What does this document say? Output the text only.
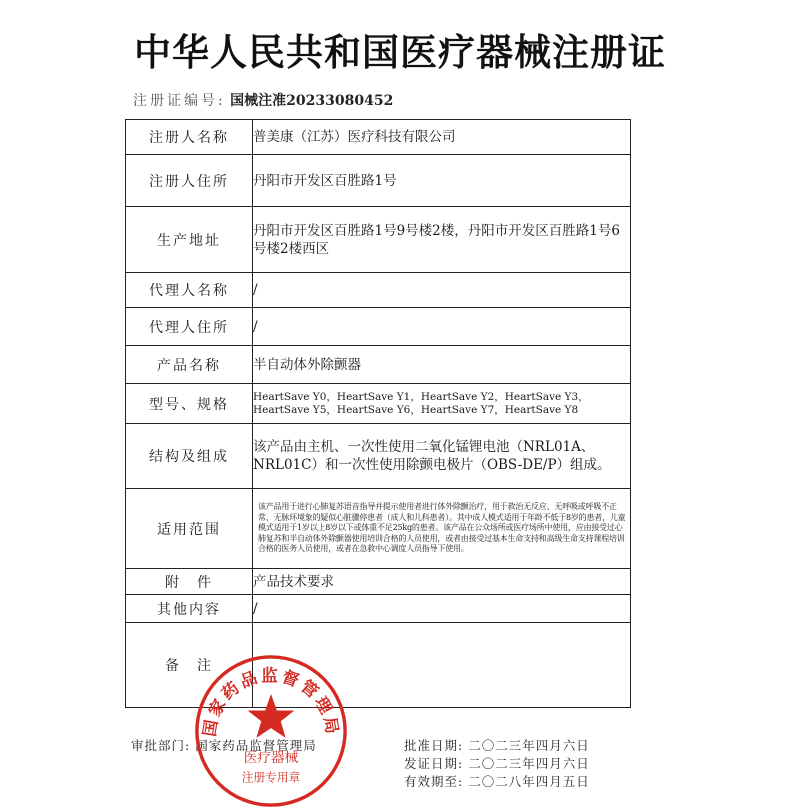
中华人民共和国医疗器械注册证
注册证编号: 国械注准20233080452
注册人名称	普美康（江苏）医疗科技有限公司
注册人住所	丹阳市开发区百胜路1号
生产地址	丹阳市开发区百胜路1号9号楼2楼，丹阳市开发区百胜路1号6号楼2楼西区
代理人名称	/
代理人住所	/
产品名称	半自动体外除颤器
型号、规格	HeartSave Y0，HeartSave Y1，HeartSave Y2，HeartSave Y3，HeartSave Y5，HeartSave Y6，HeartSave Y7，HeartSave Y8
结构及组成	该产品由主机、一次性使用二氧化锰锂电池（NRL01A、NRL01C）和一次性使用除颤电极片（OBS-DE/P）组成。
适用范围	该产品用于进行心肺复苏语音指导并提示使用者进行体外除颤治疗，用于救治无反应、无呼吸或呼吸不正常、无脉环境象的疑似心脏骤停患者（成人和儿科患者）。其中成人模式适用于年龄不低于8岁的患者，儿童模式适用于1岁以上8岁以下或体重不足25kg的患者。该产品在公众场所或医疗场所中使用，应由接受过心肺复苏和半自动体外除颤器使用培训合格的人员使用，或者由接受过基本生命支持和高级生命支持课程培训合格的医务人员使用，或者在急救中心调度人员指导下使用。
附　件	产品技术要求
其他内容	/
备　注	
审批部门: 国家药品监督管理局	批准日期: 二〇二三年四月六日
发证日期: 二〇二三年四月六日
有效期至: 二〇二八年四月五日
国家药品监督管理局
医疗器械
注册专用章
